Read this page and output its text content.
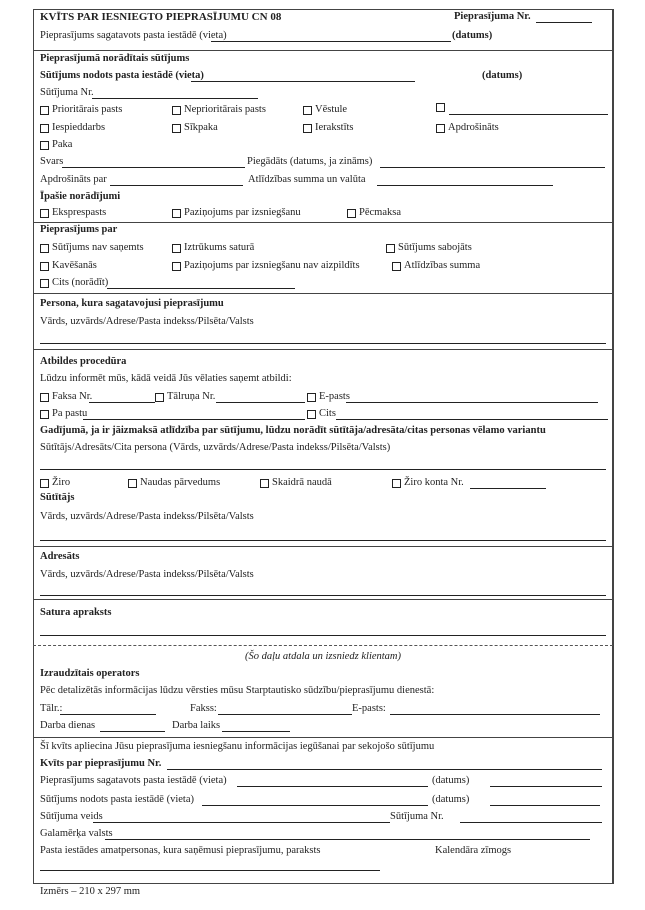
KVĪTS PAR IESNIEGTO PIEPRASĪJUMU CN 08	Pieprasījuma Nr.
Pieprasījums sagatavots pasta iestādē (vieta)	(datums)
Pieprasījumā norādītais sūtījums
Sūtījums nodots pasta iestādē (vieta)	(datums)
Sūtījuma Nr.
Prioritārais pasts	Neprioritārais pasts	Vēstule
Iespieddarbs	Sīkpaka	Ierakstīts	Apdrošināts
Paka
Svars	Piegādāts (datums, ja zināms)
Apdrošināts par	Atlīdzības summa un valūta
Īpašie norādījumi
Eksprespasts	Paziņojums par izsniegšanu	Pēcmaksa
Pieprasījums par
Sūtījums nav saņemts	Iztrūkums saturā	Sūtījums sabojāts
Kavēšanās	Paziņojums par izsniegšanu nav aizpildīts	Atlīdzības summa
Cits (norādīt)
Persona, kura sagatavojusi pieprasījumu
Vārds, uzvārds/Adrese/Pasta indekss/Pilsēta/Valsts
Atbildes procedūra
Lūdzu informēt mūs, kādā veidā Jūs vēlaties saņemt atbildi:
Faksa Nr.	Tālruņa Nr.	E-pasts
Pa pastu	Cits
Gadījumā, ja ir jāizmaksā atlīdzība par sūtījumu, lūdzu norādīt sūtītāja/adresāta/citas personas vēlamo variantu
Sūtītājs/Adresāts/Cita persona (Vārds, uzvārds/Adrese/Pasta indekss/Pilsēta/Valsts)
Žiro	Naudas pārvedums	Skaidrā naudā	Žiro konta Nr.
Sūtītājs
Vārds, uzvārds/Adrese/Pasta indekss/Pilsēta/Valsts
Adresāts
Vārds, uzvārds/Adrese/Pasta indekss/Pilsēta/Valsts
Satura apraksts
(Šo daļu atdala un izsniedz klientam)
Izraudzītais operators
Pēc detalizētās informācijas lūdzu vērsties mūsu Starptautisko sūdzību/pieprasījumu dienestā:
Tālr.:	Fakss:	E-pasts:
Darba dienas	Darba laiks
Šī kvīts apliecina Jūsu pieprasījuma iesniegšanu informācijas iegūšanai par sekojošo sūtījumu
Kvīts par pieprasījumu Nr.
Pieprasījums sagatavots pasta iestādē (vieta)	(datums)
Sūtījums nodots pasta iestādē (vieta)	(datums)
Sūtījuma veids	Sūtījuma Nr.
Galamērķa valsts
Pasta iestādes amatpersonas, kura saņēmusi pieprasījumu, paraksts	Kalendāra zīmogs
Izmērs – 210 x 297 mm
